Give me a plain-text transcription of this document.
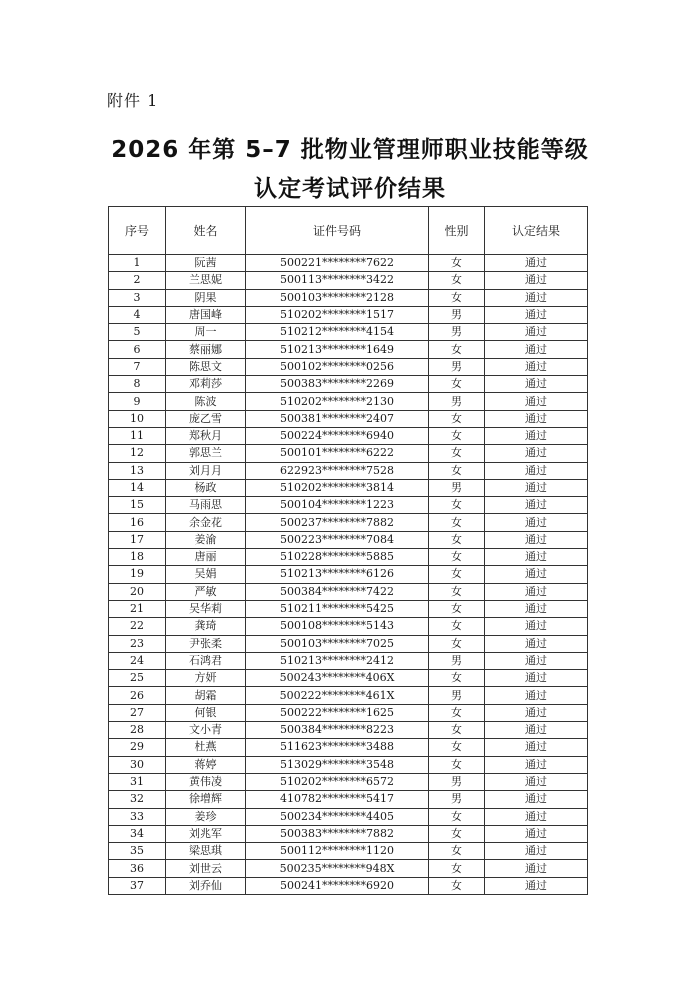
附件 1
2026 年第 5–7 批物业管理师职业技能等级
认定考试评价结果
序号	姓名	证件号码	性别	认定结果
1	阮茜	500221********7622	女	通过
2	兰思妮	500113********3422	女	通过
3	阴果	500103********2128	女	通过
4	唐国峰	510202********1517	男	通过
5	周一	510212********4154	男	通过
6	蔡丽娜	510213********1649	女	通过
7	陈思文	500102********0256	男	通过
8	邓莉莎	500383********2269	女	通过
9	陈波	510202********2130	男	通过
10	庞乙雪	500381********2407	女	通过
11	郑秋月	500224********6940	女	通过
12	郭思兰	500101********6222	女	通过
13	刘月月	622923********7528	女	通过
14	杨政	510202********3814	男	通过
15	马雨思	500104********1223	女	通过
16	余金花	500237********7882	女	通过
17	姜渝	500223********7084	女	通过
18	唐丽	510228********5885	女	通过
19	吴娟	510213********6126	女	通过
20	严敏	500384********7422	女	通过
21	吴华莉	510211********5425	女	通过
22	龚琦	500108********5143	女	通过
23	尹张柔	500103********7025	女	通过
24	石鸿君	510213********2412	男	通过
25	方妍	500243********406X	女	通过
26	胡霜	500222********461X	男	通过
27	何银	500222********1625	女	通过
28	文小青	500384********8223	女	通过
29	杜燕	511623********3488	女	通过
30	蒋婷	513029********3548	女	通过
31	黄伟凌	510202********6572	男	通过
32	徐增辉	410782********5417	男	通过
33	姜珍	500234********4405	女	通过
34	刘兆军	500383********7882	女	通过
35	梁思琪	500112********1120	女	通过
36	刘世云	500235********948X	女	通过
37	刘乔仙	500241********6920	女	通过
